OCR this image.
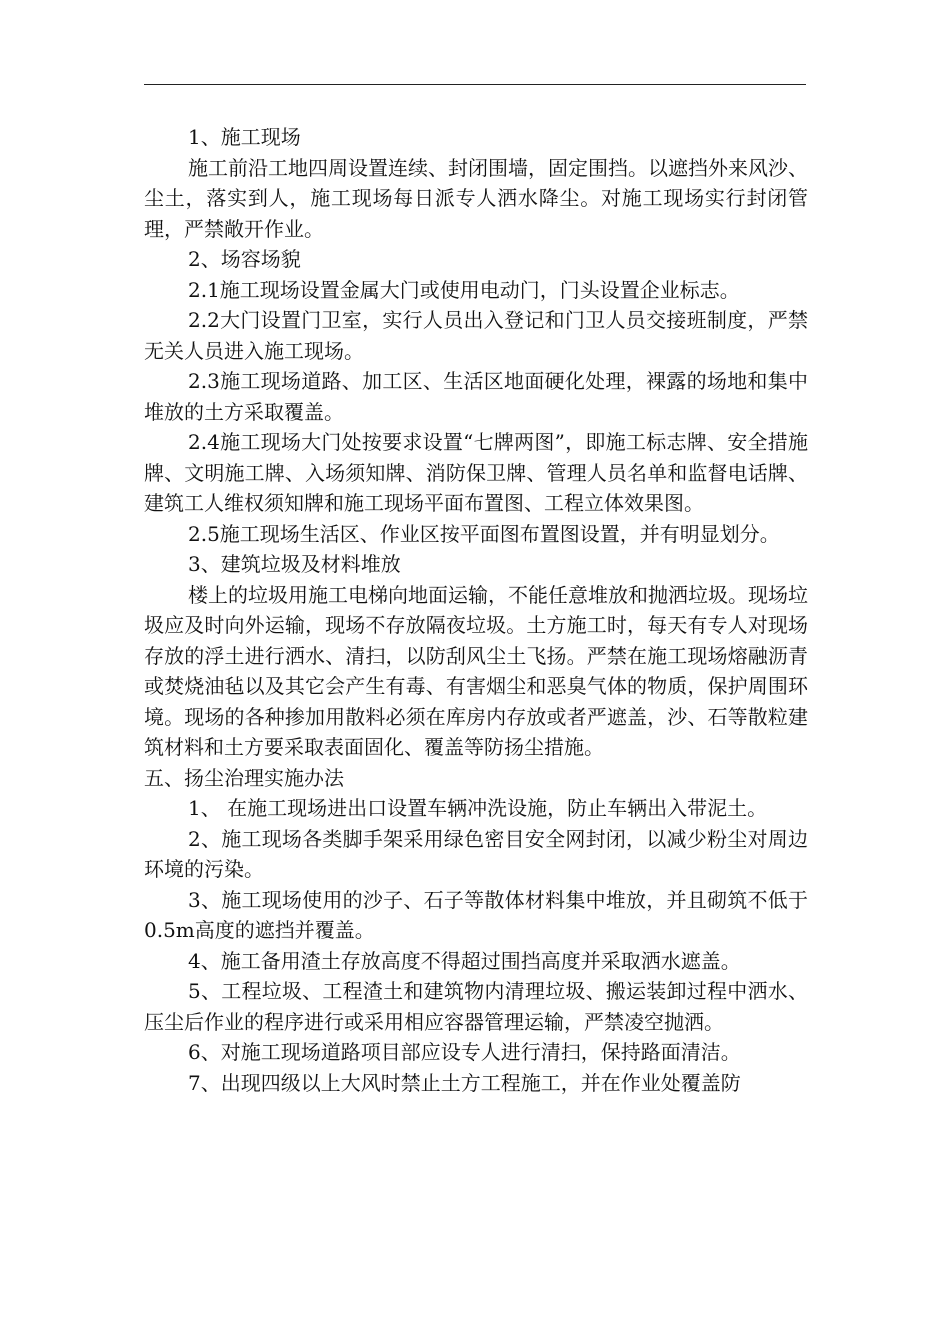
1、施工现场

施工前沿工地四周设置连续、封闭围墙，固定围挡。以遮挡外来风沙、尘土，落实到人，施工现场每日派专人洒水降尘。对施工现场实行封闭管理，严禁敞开作业。

2、场容场貌

2.1施工现场设置金属大门或使用电动门，门头设置企业标志。

2.2大门设置门卫室，实行人员出入登记和门卫人员交接班制度，严禁无关人员进入施工现场。

2.3施工现场道路、加工区、生活区地面硬化处理，裸露的场地和集中堆放的土方采取覆盖。

2.4施工现场大门处按要求设置“七牌两图”，即施工标志牌、安全措施牌、文明施工牌、入场须知牌、消防保卫牌、管理人员名单和监督电话牌、建筑工人维权须知牌和施工现场平面布置图、工程立体效果图。

2.5施工现场生活区、作业区按平面图布置图设置，并有明显划分。

3、建筑垃圾及材料堆放

楼上的垃圾用施工电梯向地面运输，不能任意堆放和抛洒垃圾。现场垃圾应及时向外运输，现场不存放隔夜垃圾。土方施工时，每天有专人对现场存放的浮土进行洒水、清扫，以防刮风尘土飞扬。严禁在施工现场熔融沥青或焚烧油毡以及其它会产生有毒、有害烟尘和恶臭气体的物质，保护周围环境。现场的各种掺加用散料必须在库房内存放或者严遮盖，沙、石等散粒建筑材料和土方要采取表面固化、覆盖等防扬尘措施。

五、扬尘治理实施办法

1、 在施工现场进出口设置车辆冲洗设施，防止车辆出入带泥土。

2、施工现场各类脚手架采用绿色密目安全网封闭，以减少粉尘对周边环境的污染。

3、施工现场使用的沙子、石子等散体材料集中堆放，并且砌筑不低于0.5m高度的遮挡并覆盖。

4、施工备用渣土存放高度不得超过围挡高度并采取洒水遮盖。

5、工程垃圾、工程渣土和建筑物内清理垃圾、搬运装卸过程中洒水、压尘后作业的程序进行或采用相应容器管理运输，严禁凌空抛洒。

6、对施工现场道路项目部应设专人进行清扫，保持路面清洁。

7、出现四级以上大风时禁止土方工程施工，并在作业处覆盖防
